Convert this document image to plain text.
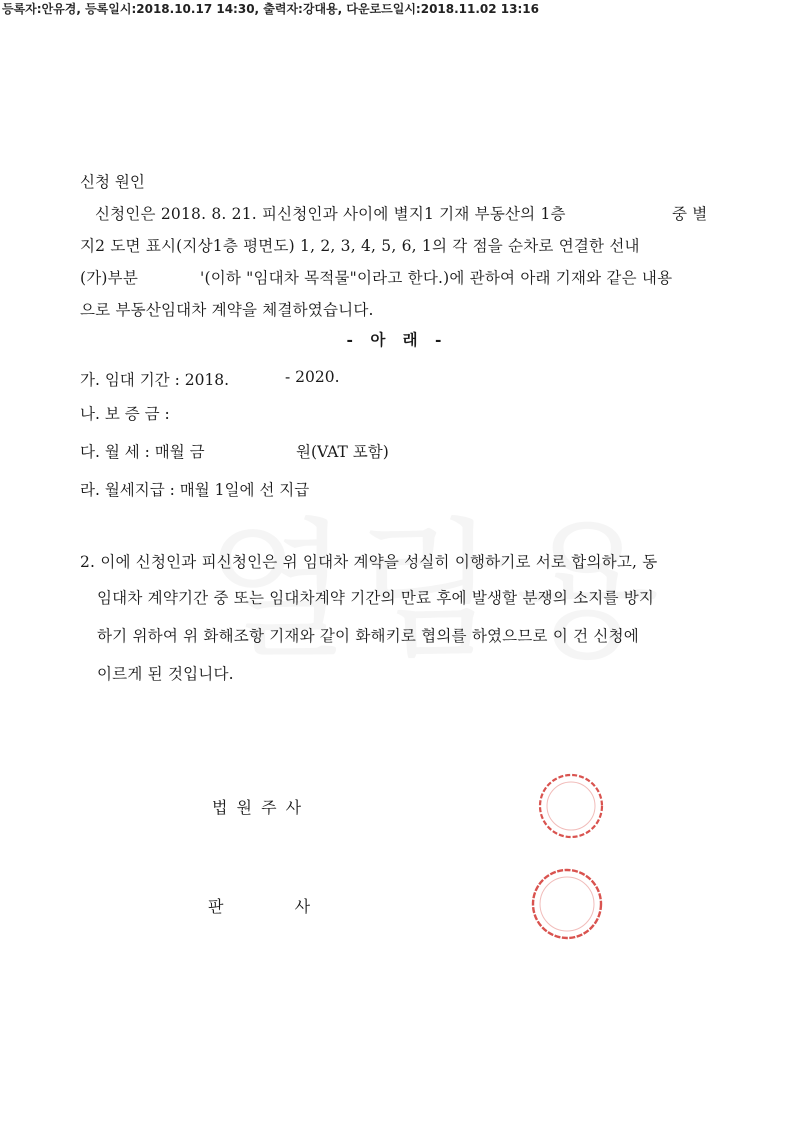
등록자:안유경, 등록일시:2018.10.17 14:30, 출력자:강대용, 다운로드일시:2018.11.02 13:16
신청 원인
신청인은 2018. 8. 21. 피신청인과 사이에 별지1 기재 부동산의 1층	중 별
지2 도면 표시(지상1층 평면도) 1, 2, 3, 4, 5, 6, 1의 각 점을 순차로 연결한 선내
(가)부분	'(이하 "임대차 목적물"이라고 한다.)에 관하여 아래 기재와 같은 내용
으로 부동산임대차 계약을 체결하였습니다.
- 아 래 -
가. 임대 기간 : 2018.	- 2020.
나. 보 증 금 :
다. 월 세 : 매월 금	원(VAT 포함)
라. 월세지급 : 매월 1일에 선 지급
2. 이에 신청인과 피신청인은 위 임대차 계약을 성실히 이행하기로 서로 합의하고, 동
임대차 계약기간 중 또는 임대차계약 기간의 만료 후에 발생할 분쟁의 소지를 방지
하기 위하여 위 화해조항 기재와 같이 화해키로 협의를 하였으므로 이 건 신청에
이르게 된 것입니다.
법 원 주 사
판              사
